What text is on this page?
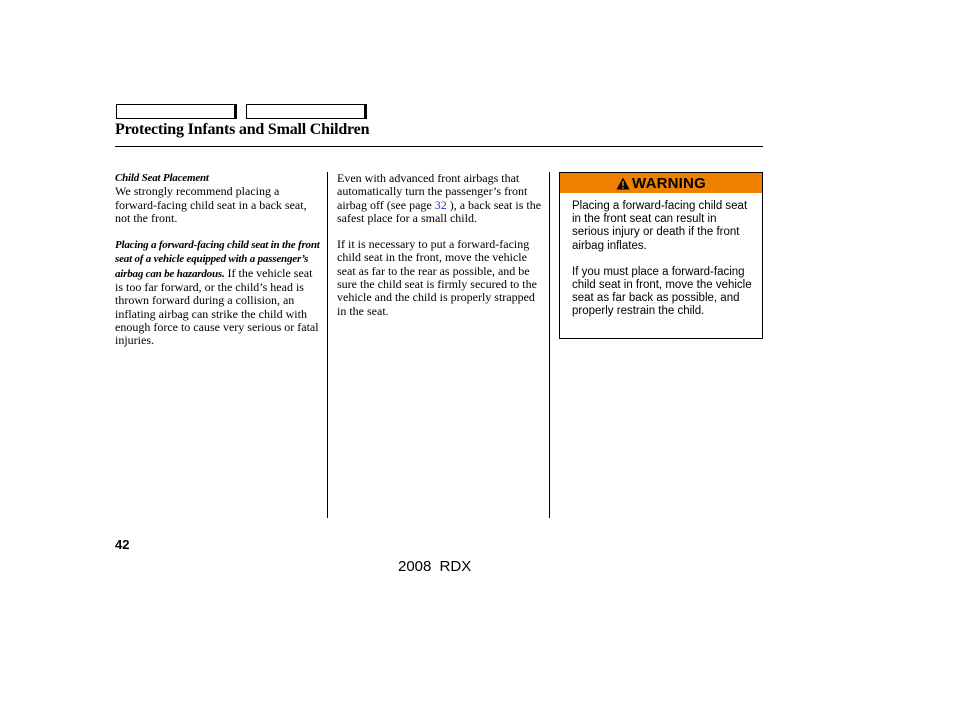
Protecting Infants and Small Children
Child Seat Placement

We strongly recommend placing a forward-facing child seat in a back seat, not the front.

Placing a forward-facing child seat in the front seat of a vehicle equipped with a passenger’s airbag can be hazardous. If the vehicle seat is too far forward, or the child’s head is thrown forward during a collision, an inflating airbag can strike the child with enough force to cause very serious or fatal injuries.

Even with advanced front airbags that automatically turn the passenger’s front airbag off (see page 32 ), a back seat is the safest place for a small child.

If it is necessary to put a forward-facing child seat in the front, move the vehicle seat as far to the rear as possible, and be sure the child seat is firmly secured to the vehicle and the child is properly strapped in the seat.

WARNING

Placing a forward-facing child seat in the front seat can result in serious injury or death if the front airbag inflates.

If you must place a forward-facing child seat in front, move the vehicle seat as far back as possible, and properly restrain the child.

42
2008 RDX
